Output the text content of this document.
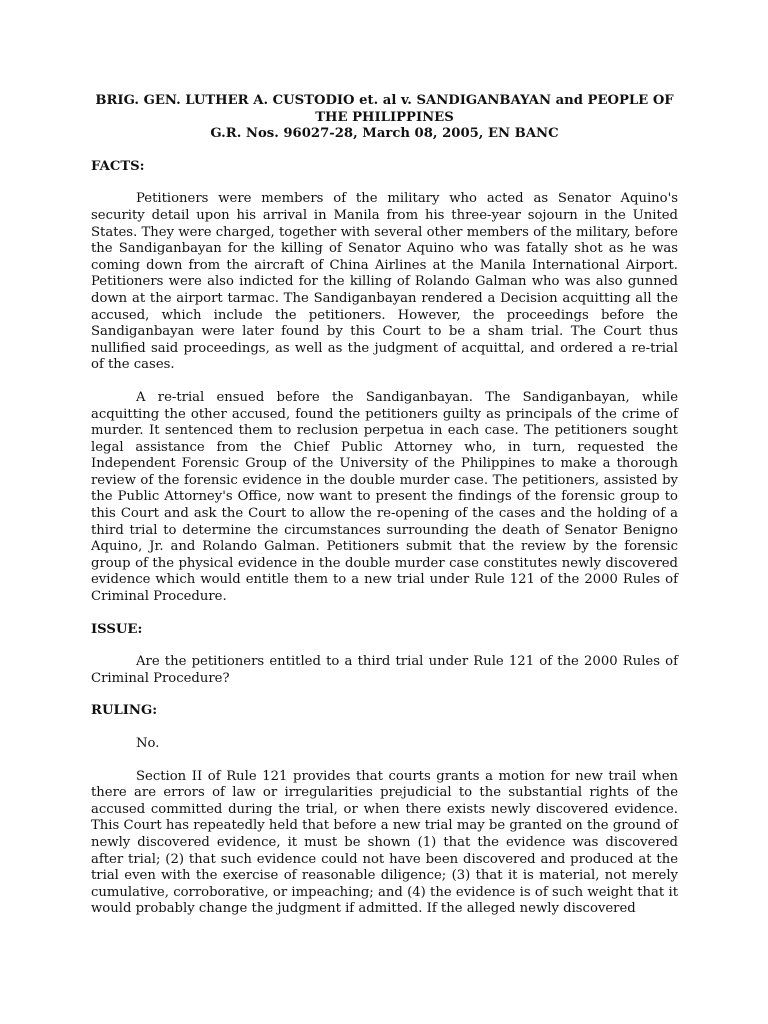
BRIG. GEN. LUTHER A. CUSTODIO et. al v. SANDIGANBAYAN and PEOPLE OF
THE PHILIPPINES
G.R. Nos. 96027-28, March 08, 2005, EN BANC
FACTS:

Petitioners were members of the military who acted as Senator Aquino's security detail upon his arrival in Manila from his three-year sojourn in the United States. They were charged, together with several other members of the military, before the Sandiganbayan for the killing of Senator Aquino who was fatally shot as he was coming down from the aircraft of China Airlines at the Manila International Airport. Petitioners were also indicted for the killing of Rolando Galman who was also gunned down at the airport tarmac. The Sandiganbayan rendered a Decision acquitting all the accused, which include the petitioners. However, the proceedings before the Sandiganbayan were later found by this Court to be a sham trial. The Court thus nullified said proceedings, as well as the judgment of acquittal, and ordered a re-trial of the cases.

A re-trial ensued before the Sandiganbayan. The Sandiganbayan, while acquitting the other accused, found the petitioners guilty as principals of the crime of murder. It sentenced them to reclusion perpetua in each case. The petitioners sought legal assistance from the Chief Public Attorney who, in turn, requested the Independent Forensic Group of the University of the Philippines to make a thorough review of the forensic evidence in the double murder case. The petitioners, assisted by the Public Attorney's Office, now want to present the findings of the forensic group to this Court and ask the Court to allow the re-opening of the cases and the holding of a third trial to determine the circumstances surrounding the death of Senator Benigno Aquino, Jr. and Rolando Galman. Petitioners submit that the review by the forensic group of the physical evidence in the double murder case constitutes newly discovered evidence which would entitle them to a new trial under Rule 121 of the 2000 Rules of Criminal Procedure.

ISSUE:

Are the petitioners entitled to a third trial under Rule 121 of the 2000 Rules of Criminal Procedure?

RULING:

No.

Section II of Rule 121 provides that courts grants a motion for new trail when there are errors of law or irregularities prejudicial to the substantial rights of the accused committed during the trial, or when there exists newly discovered evidence. This Court has repeatedly held that before a new trial may be granted on the ground of newly discovered evidence, it must be shown (1) that the evidence was discovered after trial; (2) that such evidence could not have been discovered and produced at the trial even with the exercise of reasonable diligence; (3) that it is material, not merely cumulative, corroborative, or impeaching; and (4) the evidence is of such weight that it would probably change the judgment if admitted. If the alleged newly discovered
